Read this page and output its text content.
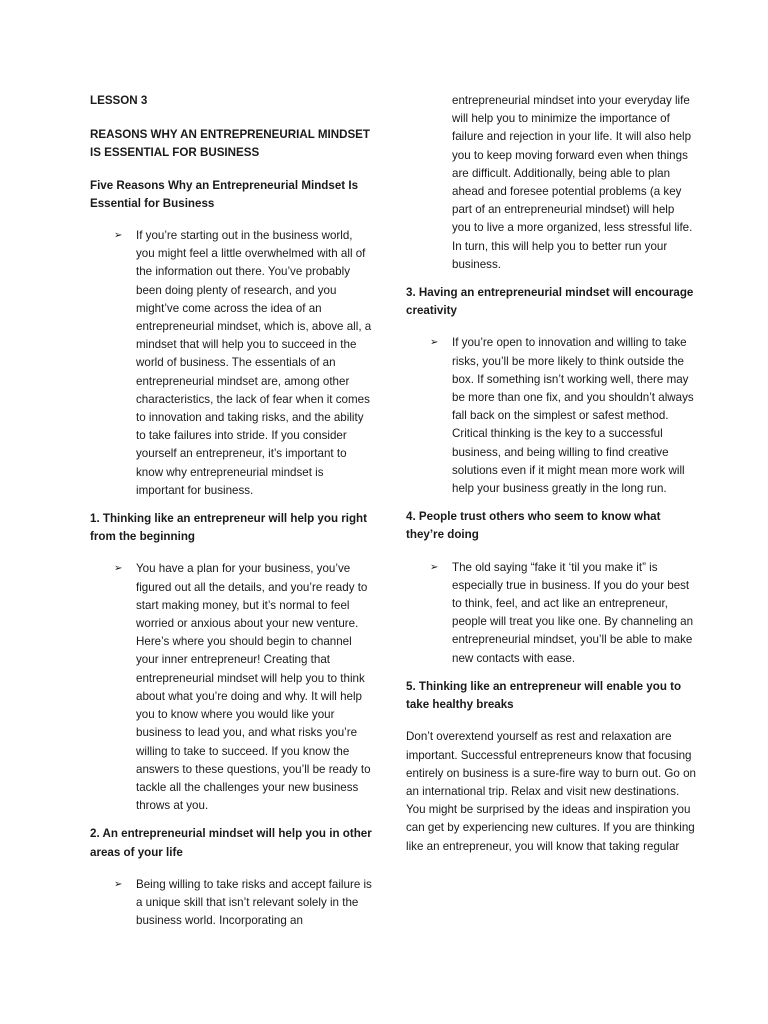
LESSON 3
REASONS WHY AN ENTREPRENEURIAL MINDSET IS ESSENTIAL FOR BUSINESS
Five Reasons Why an Entrepreneurial Mindset Is Essential for Business
➢ If you’re starting out in the business world, you might feel a little overwhelmed with all of the information out there. You’ve probably been doing plenty of research, and you might’ve come across the idea of an entrepreneurial mindset, which is, above all, a mindset that will help you to succeed in the world of business. The essentials of an entrepreneurial mindset are, among other characteristics, the lack of fear when it comes to innovation and taking risks, and the ability to take failures into stride. If you consider yourself an entrepreneur, it’s important to know why entrepreneurial mindset is important for business.
1. Thinking like an entrepreneur will help you right from the beginning
➢ You have a plan for your business, you’ve figured out all the details, and you’re ready to start making money, but it’s normal to feel worried or anxious about your new venture. Here’s where you should begin to channel your inner entrepreneur! Creating that entrepreneurial mindset will help you to think about what you’re doing and why. It will help you to know where you would like your business to lead you, and what risks you’re willing to take to succeed. If you know the answers to these questions, you’ll be ready to tackle all the challenges your new business throws at you.
2. An entrepreneurial mindset will help you in other areas of your life
➢ Being willing to take risks and accept failure is a unique skill that isn’t relevant solely in the business world. Incorporating an
entrepreneurial mindset into your everyday life will help you to minimize the importance of failure and rejection in your life. It will also help you to keep moving forward even when things are difficult. Additionally, being able to plan ahead and foresee potential problems (a key part of an entrepreneurial mindset) will help you to live a more organized, less stressful life. In turn, this will help you to better run your business.
3. Having an entrepreneurial mindset will encourage creativity
➢ If you’re open to innovation and willing to take risks, you’ll be more likely to think outside the box. If something isn’t working well, there may be more than one fix, and you shouldn’t always fall back on the simplest or safest method. Critical thinking is the key to a successful business, and being willing to find creative solutions even if it might mean more work will help your business greatly in the long run.
4. People trust others who seem to know what they’re doing
➢ The old saying “fake it ‘til you make it” is especially true in business. If you do your best to think, feel, and act like an entrepreneur, people will treat you like one. By channeling an entrepreneurial mindset, you’ll be able to make new contacts with ease.
5. Thinking like an entrepreneur will enable you to take healthy breaks
Don’t overextend yourself as rest and relaxation are important. Successful entrepreneurs know that focusing entirely on business is a sure-fire way to burn out. Go on an international trip. Relax and visit new destinations. You might be surprised by the ideas and inspiration you can get by experiencing new cultures. If you are thinking like an entrepreneur, you will know that taking regular
